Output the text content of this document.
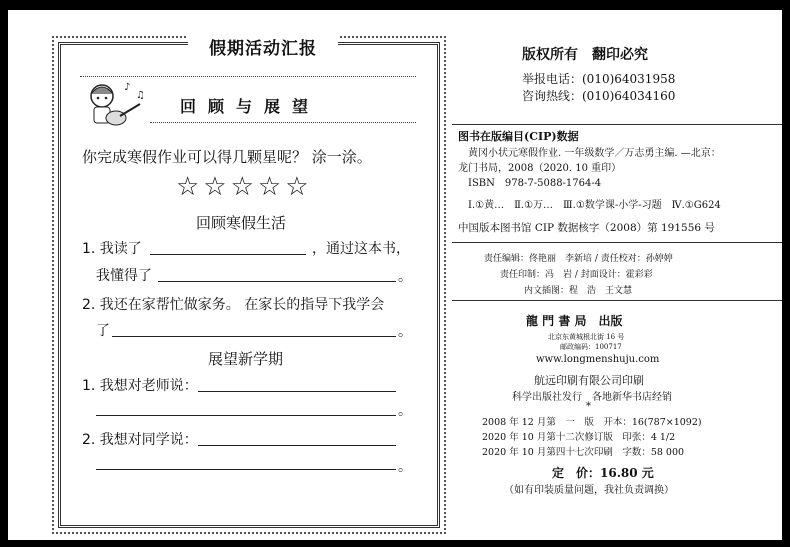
假期活动汇报
♪
♫
回顾与展望
你完成寒假作业可以得几颗星呢？ 涂一涂。
☆☆☆☆☆
回顾寒假生活
1. 我读了	，通过这本书，
我懂得了	。
2. 我还在家帮忙做家务。 在家长的指导下我学会
了	。
展望新学期
1. 我想对老师说：
。
2. 我想对同学说：
。
版权所有　翻印必究
举报电话：(010)64031958
咨询热线：(010)64034160
图书在版编目(CIP)数据
黄冈小状元寒假作业. 一年级数学／万志勇主编. —北京：
龙门书局，2008（2020. 10 重印）
ISBN　978-7-5088-1764-4
Ⅰ.①黄…　Ⅱ.①万…　Ⅲ.①数学课-小学-习题　Ⅳ.①G624
中国版本图书馆 CIP 数据核字（2008）第 191556 号
责任编辑：佟艳丽　李新培 / 责任校对：孙婷婷
责任印制：冯　岩 / 封面设计：霍彩彩
内文插图：程　浩　王文慧
龍 門 書 局　出版
北京东黄城根北街 16 号
邮政编码：100717
www.longmenshuju.com
航远印刷有限公司印刷
科学出版社发行　各地新华书店经销
*
2008 年 12 月第　一　版　开本：16(787×1092)
2020 年 10 月第十二次修订版　印张：4 1/2
2020 年 10 月第四十七次印刷　字数：58 000
定　价：16.80 元
（如有印装质量问题，我社负责调换）
